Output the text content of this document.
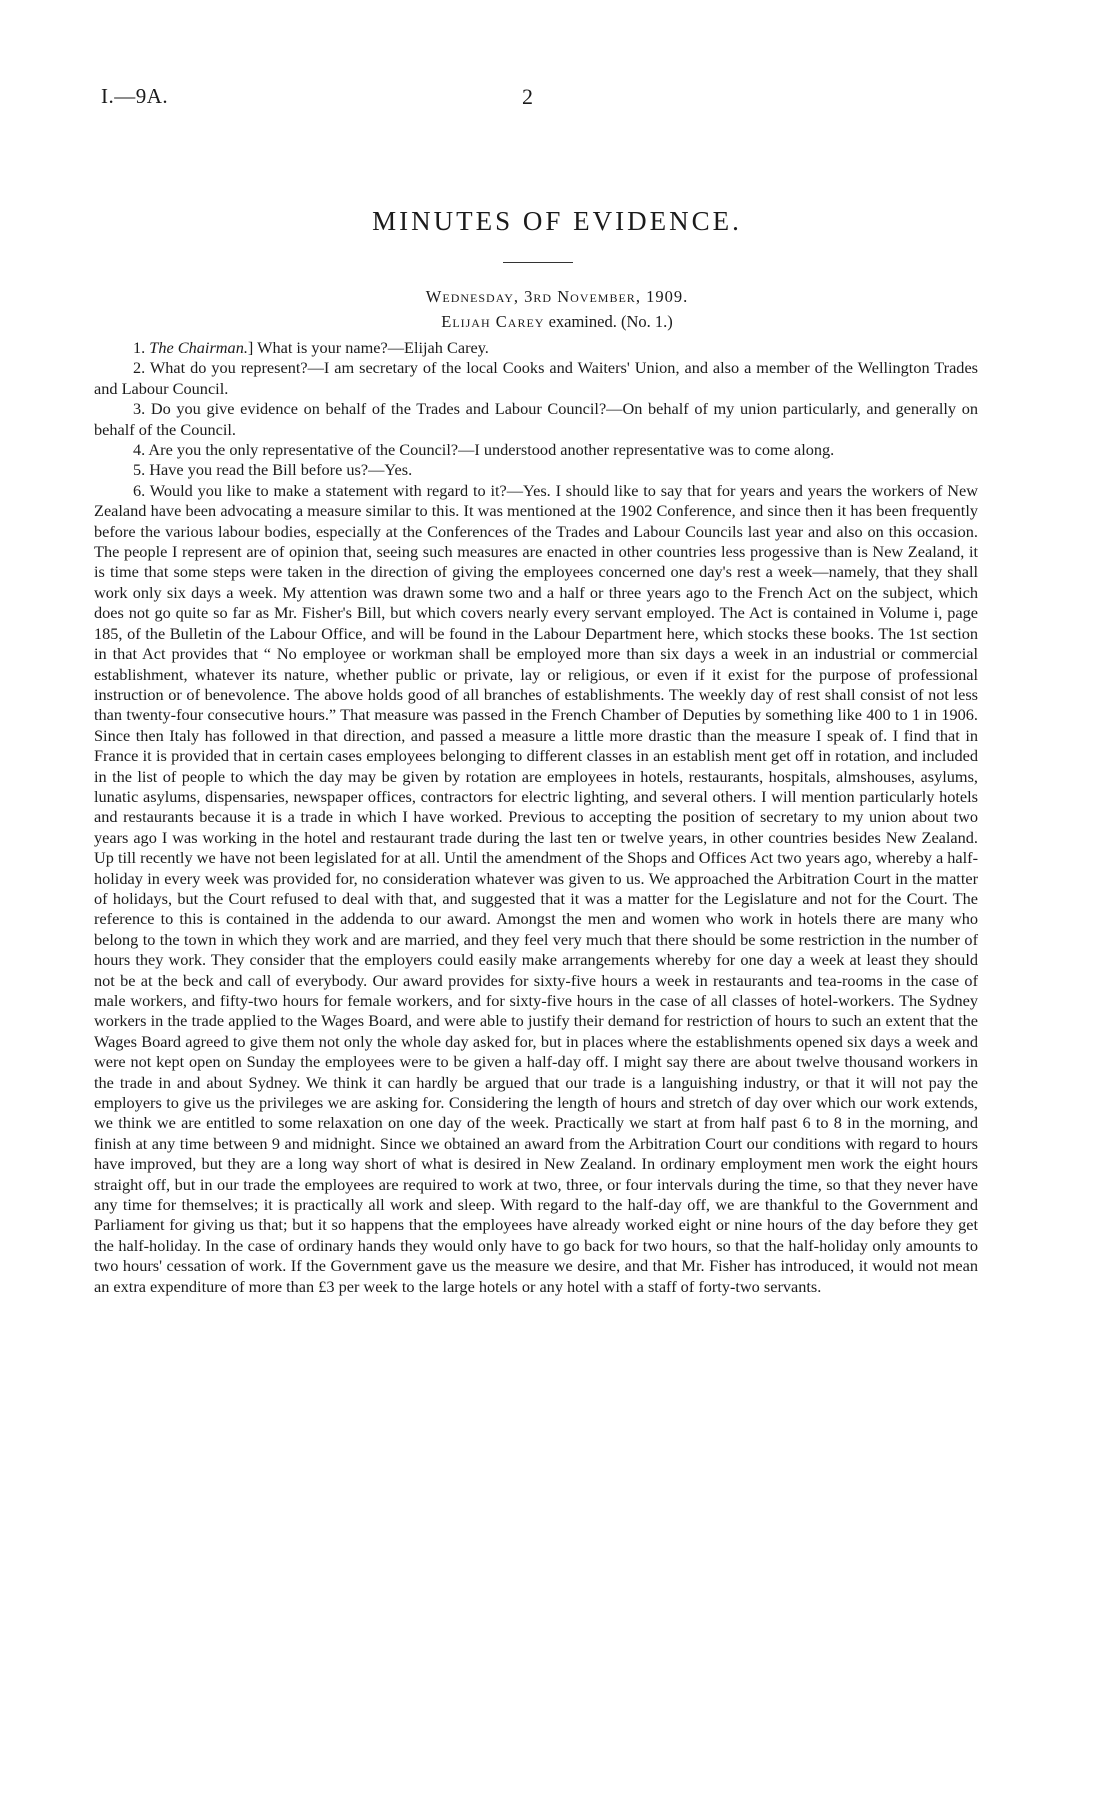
I.—9A.	2
MINUTES OF EVIDENCE.
Wednesday, 3rd November, 1909.
Elijah Carey examined. (No. 1.)

1. The Chairman.] What is your name?—Elijah Carey.

2. What do you represent?—I am secretary of the local Cooks and Waiters' Union, and also a member of the Wellington Trades and Labour Council.

3. Do you give evidence on behalf of the Trades and Labour Council?—On behalf of my union particularly, and generally on behalf of the Council.

4. Are you the only representative of the Council?—I understood another representative was to come along.

5. Have you read the Bill before us?—Yes.

6. Would you like to make a statement with regard to it?—Yes. I should like to say that for years and years the workers of New Zealand have been advocating a measure similar to this. It was mentioned at the 1902 Conference, and since then it has been frequently before the various labour bodies, especially at the Conferences of the Trades and Labour Councils last year and also on this occasion. The people I represent are of opinion that, seeing such measures are enacted in other countries less progessive than is New Zealand, it is time that some steps were taken in the direction of giving the employees concerned one day's rest a week—namely, that they shall work only six days a week. My attention was drawn some two and a half or three years ago to the French Act on the subject, which does not go quite so far as Mr. Fisher's Bill, but which covers nearly every servant employed. The Act is contained in Volume i, page 185, of the Bulletin of the Labour Office, and will be found in the Labour Department here, which stocks these books. The 1st section in that Act provides that “ No employee or workman shall be employed more than six days a week in an industrial or commercial establishment, whatever its nature, whether public or private, lay or religious, or even if it exist for the purpose of professional instruction or of benevolence. The above holds good of all branches of establishments. The weekly day of rest shall consist of not less than twenty-four consecutive hours.” That measure was passed in the French Chamber of Deputies by something like 400 to 1 in 1906. Since then Italy has followed in that direction, and passed a measure a little more drastic than the measure I speak of. I find that in France it is provided that in certain cases employees belonging to different classes in an establish ment get off in rotation, and included in the list of people to which the day may be given by rotation are employees in hotels, restaurants, hospitals, almshouses, asylums, lunatic asylums, dispensaries, newspaper offices, contractors for electric lighting, and several others. I will mention particularly hotels and restaurants because it is a trade in which I have worked. Previous to accepting the position of secretary to my union about two years ago I was working in the hotel and restaurant trade during the last ten or twelve years, in other countries besides New Zealand. Up till recently we have not been legislated for at all. Until the amendment of the Shops and Offices Act two years ago, whereby a half-holiday in every week was provided for, no consideration whatever was given to us. We approached the Arbitration Court in the matter of holidays, but the Court refused to deal with that, and suggested that it was a matter for the Legislature and not for the Court. The reference to this is contained in the addenda to our award. Amongst the men and women who work in hotels there are many who belong to the town in which they work and are married, and they feel very much that there should be some restriction in the number of hours they work. They consider that the employers could easily make arrangements whereby for one day a week at least they should not be at the beck and call of everybody. Our award provides for sixty-five hours a week in restaurants and tea-rooms in the case of male workers, and fifty-two hours for female workers, and for sixty-five hours in the case of all classes of hotel-workers. The Sydney workers in the trade applied to the Wages Board, and were able to justify their demand for restriction of hours to such an extent that the Wages Board agreed to give them not only the whole day asked for, but in places where the establishments opened six days a week and were not kept open on Sunday the employees were to be given a half-day off. I might say there are about twelve thousand workers in the trade in and about Sydney. We think it can hardly be argued that our trade is a languishing industry, or that it will not pay the employers to give us the privileges we are asking for. Considering the length of hours and stretch of day over which our work extends, we think we are entitled to some relaxation on one day of the week. Practically we start at from half past 6 to 8 in the morning, and finish at any time between 9 and midnight. Since we obtained an award from the Arbitration Court our conditions with regard to hours have improved, but they are a long way short of what is desired in New Zealand. In ordinary employment men work the eight hours straight off, but in our trade the employees are required to work at two, three, or four intervals during the time, so that they never have any time for themselves; it is practically all work and sleep. With regard to the half-day off, we are thankful to the Government and Parliament for giving us that; but it so happens that the employees have already worked eight or nine hours of the day before they get the half-holiday. In the case of ordinary hands they would only have to go back for two hours, so that the half-holiday only amounts to two hours' cessation of work. If the Government gave us the measure we desire, and that Mr. Fisher has introduced, it would not mean an extra expenditure of more than £3 per week to the large hotels or any hotel with a staff of forty-two servants.
